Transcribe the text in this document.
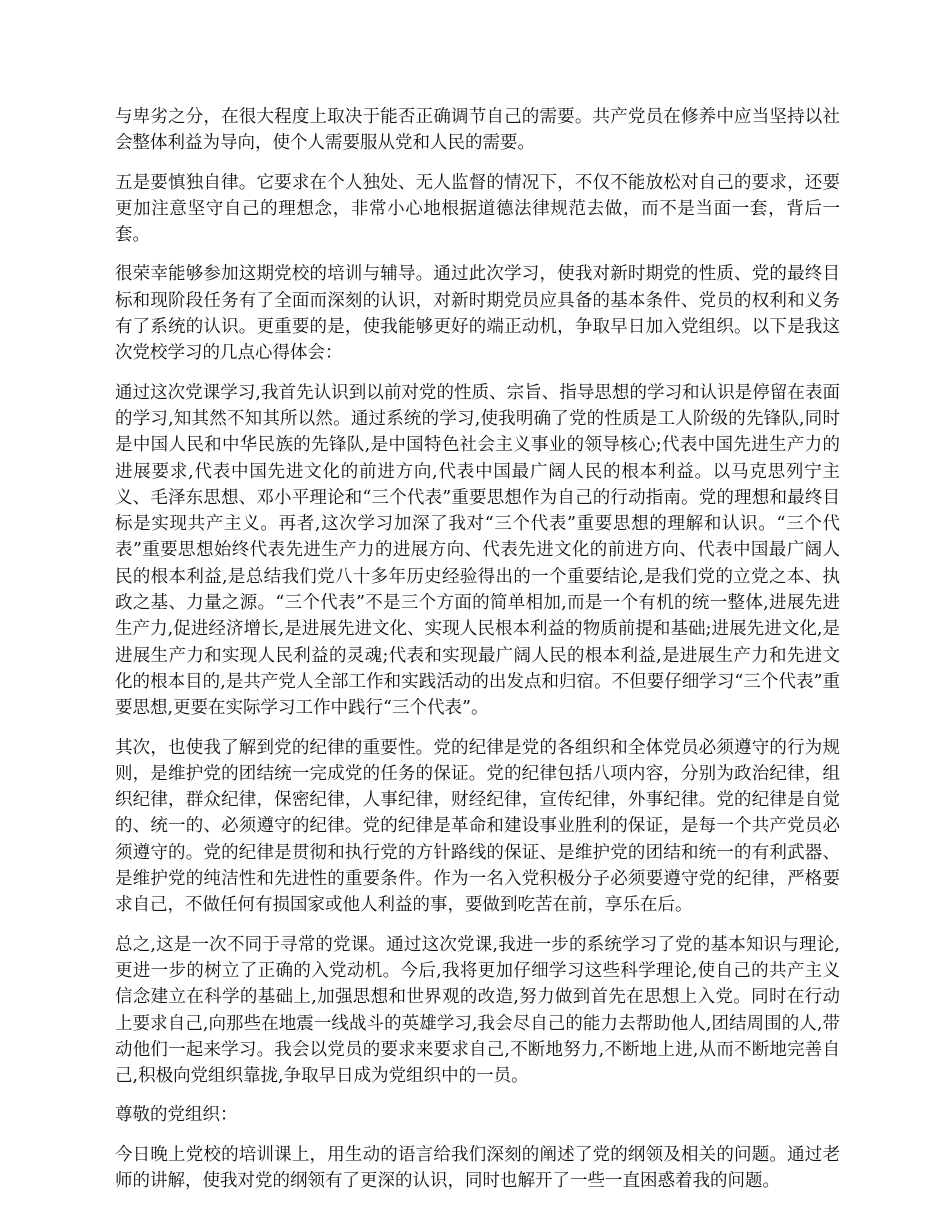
与卑劣之分，在很大程度上取决于能否正确调节自己的需要。共产党员在修养中应当坚持以社会整体利益为导向，使个人需要服从党和人民的需要。

五是要慎独自律。它要求在个人独处、无人监督的情况下，不仅不能放松对自己的要求，还要更加注意坚守自己的理想念，非常小心地根据道德法律规范去做，而不是当面一套，背后一套。

很荣幸能够参加这期党校的培训与辅导。通过此次学习，使我对新时期党的性质、党的最终目标和现阶段任务有了全面而深刻的认识，对新时期党员应具备的基本条件、党员的权利和义务有了系统的认识。更重要的是，使我能够更好的端正动机，争取早日加入党组织。以下是我这次党校学习的几点心得体会：

通过这次党课学习,我首先认识到以前对党的性质、宗旨、指导思想的学习和认识是停留在表面的学习,知其然不知其所以然。通过系统的学习,使我明确了党的性质是工人阶级的先锋队,同时是中国人民和中华民族的先锋队,是中国特色社会主义事业的领导核心;代表中国先进生产力的进展要求,代表中国先进文化的前进方向,代表中国最广阔人民的根本利益。以马克思列宁主义、毛泽东思想、邓小平理论和“三个代表”重要思想作为自己的行动指南。党的理想和最终目标是实现共产主义。再者,这次学习加深了我对“三个代表”重要思想的理解和认识。“三个代表”重要思想始终代表先进生产力的进展方向、代表先进文化的前进方向、代表中国最广阔人民的根本利益,是总结我们党八十多年历史经验得出的一个重要结论,是我们党的立党之本、执政之基、力量之源。“三个代表”不是三个方面的简单相加,而是一个有机的统一整体,进展先进生产力,促进经济增长,是进展先进文化、实现人民根本利益的物质前提和基础;进展先进文化,是进展生产力和实现人民利益的灵魂;代表和实现最广阔人民的根本利益,是进展生产力和先进文化的根本目的,是共产党人全部工作和实践活动的出发点和归宿。不但要仔细学习“三个代表”重要思想,更要在实际学习工作中践行“三个代表”。

其次，也使我了解到党的纪律的重要性。党的纪律是党的各组织和全体党员必须遵守的行为规则，是维护党的团结统一完成党的任务的保证。党的纪律包括八项内容，分别为政治纪律，组织纪律，群众纪律，保密纪律，人事纪律，财经纪律，宣传纪律，外事纪律。党的纪律是自觉的、统一的、必须遵守的纪律。党的纪律是革命和建设事业胜利的保证，是每一个共产党员必须遵守的。党的纪律是贯彻和执行党的方针路线的保证、是维护党的团结和统一的有利武器、是维护党的纯洁性和先进性的重要条件。作为一名入党积极分子必须要遵守党的纪律，严格要求自己，不做任何有损国家或他人利益的事，要做到吃苦在前，享乐在后。

总之,这是一次不同于寻常的党课。通过这次党课,我进一步的系统学习了党的基本知识与理论,更进一步的树立了正确的入党动机。今后,我将更加仔细学习这些科学理论,使自己的共产主义信念建立在科学的基础上,加强思想和世界观的改造,努力做到首先在思想上入党。同时在行动上要求自己,向那些在地震一线战斗的英雄学习,我会尽自己的能力去帮助他人,团结周围的人,带动他们一起来学习。我会以党员的要求来要求自己,不断地努力,不断地上进,从而不断地完善自己,积极向党组织靠拢,争取早日成为党组织中的一员。

尊敬的党组织：

今日晚上党校的培训课上，用生动的语言给我们深刻的阐述了党的纲领及相关的问题。通过老师的讲解，使我对党的纲领有了更深的认识，同时也解开了一些一直困惑着我的问题。
